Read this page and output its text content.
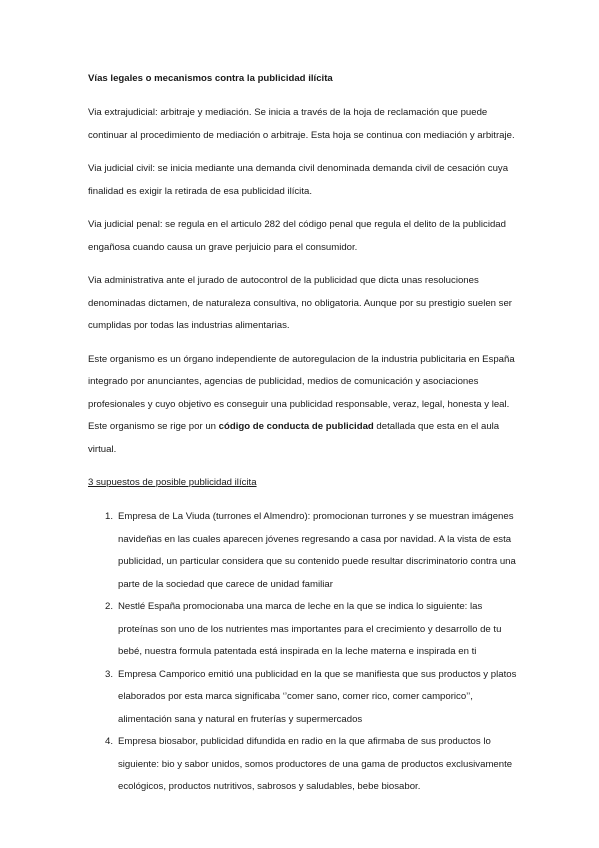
Vías legales o mecanismos contra la publicidad ilícita

Via extrajudicial: arbitraje y mediación. Se inicia a través de la hoja de reclamación que puede continuar al procedimiento de mediación o arbitraje. Esta hoja se continua con mediación y arbitraje.

Via judicial civil: se inicia mediante una demanda civil denominada demanda civil de cesación cuya finalidad es exigir la retirada de esa publicidad ilícita.

Via judicial penal: se regula en el articulo 282 del código penal que regula el delito de la publicidad engañosa cuando causa un grave perjuicio para el consumidor.

Via administrativa ante el jurado de autocontrol de la publicidad que dicta unas resoluciones denominadas dictamen, de naturaleza consultiva, no obligatoria. Aunque por su prestigio suelen ser cumplidas por todas las industrias alimentarias.

Este organismo es un órgano independiente de autoregulacion de la industria publicitaria en España integrado por anunciantes, agencias de publicidad, medios de comunicación y asociaciones profesionales y cuyo objetivo es conseguir una publicidad responsable, veraz, legal, honesta y leal. Este organismo se rige por un código de conducta de publicidad detallada que esta en el aula virtual.

3 supuestos de posible publicidad ilícita
1. Empresa de La Viuda (turrones el Almendro): promocionan turrones y se muestran imágenes navideñas en las cuales aparecen jóvenes regresando a casa por navidad. A la vista de esta publicidad, un particular considera que su contenido puede resultar discriminatorio contra una parte de la sociedad que carece de unidad familiar
2. Nestlé España promocionaba una marca de leche en la que se indica lo siguiente: las proteínas son uno de los nutrientes mas importantes para el crecimiento y desarrollo de tu bebé, nuestra formula patentada está inspirada en la leche materna e inspirada en ti
3. Empresa Camporico emitió una publicidad en la que se manifiesta que sus productos y platos elaborados por esta marca significaba ‘’comer sano, comer rico, comer camporico’’, alimentación sana y natural en fruterías y supermercados
4. Empresa biosabor, publicidad difundida en radio en la que afirmaba de sus productos lo siguiente: bio y sabor unidos, somos productores de una gama de productos exclusivamente ecológicos, productos nutritivos, sabrosos y saludables, bebe biosabor.
